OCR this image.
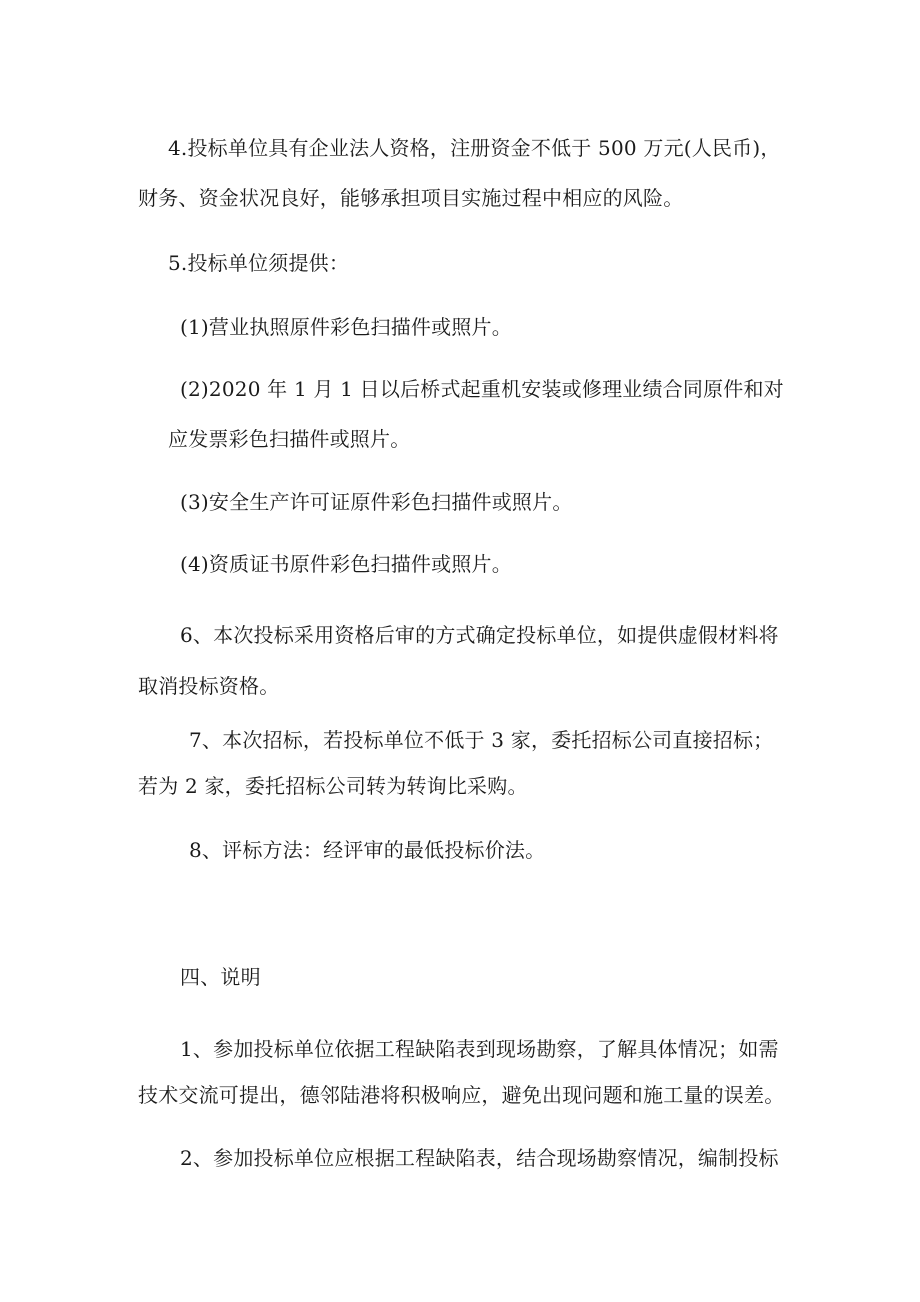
4.投标单位具有企业法人资格，注册资金不低于 500 万元(人民币)，
财务、资金状况良好，能够承担项目实施过程中相应的风险。
5.投标单位须提供：
(1)营业执照原件彩色扫描件或照片。
(2)2020 年 1 月 1 日以后桥式起重机安装或修理业绩合同原件和对
应发票彩色扫描件或照片。
(3)安全生产许可证原件彩色扫描件或照片。
(4)资质证书原件彩色扫描件或照片。
6、本次投标采用资格后审的方式确定投标单位，如提供虚假材料将
取消投标资格。
7、本次招标，若投标单位不低于 3 家，委托招标公司直接招标；
若为 2 家，委托招标公司转为转询比采购。
8、评标方法：经评审的最低投标价法。
四、说明
1、参加投标单位依据工程缺陷表到现场勘察，了解具体情况；如需
技术交流可提出，德邻陆港将积极响应，避免出现问题和施工量的误差。
2、参加投标单位应根据工程缺陷表，结合现场勘察情况，编制投标
